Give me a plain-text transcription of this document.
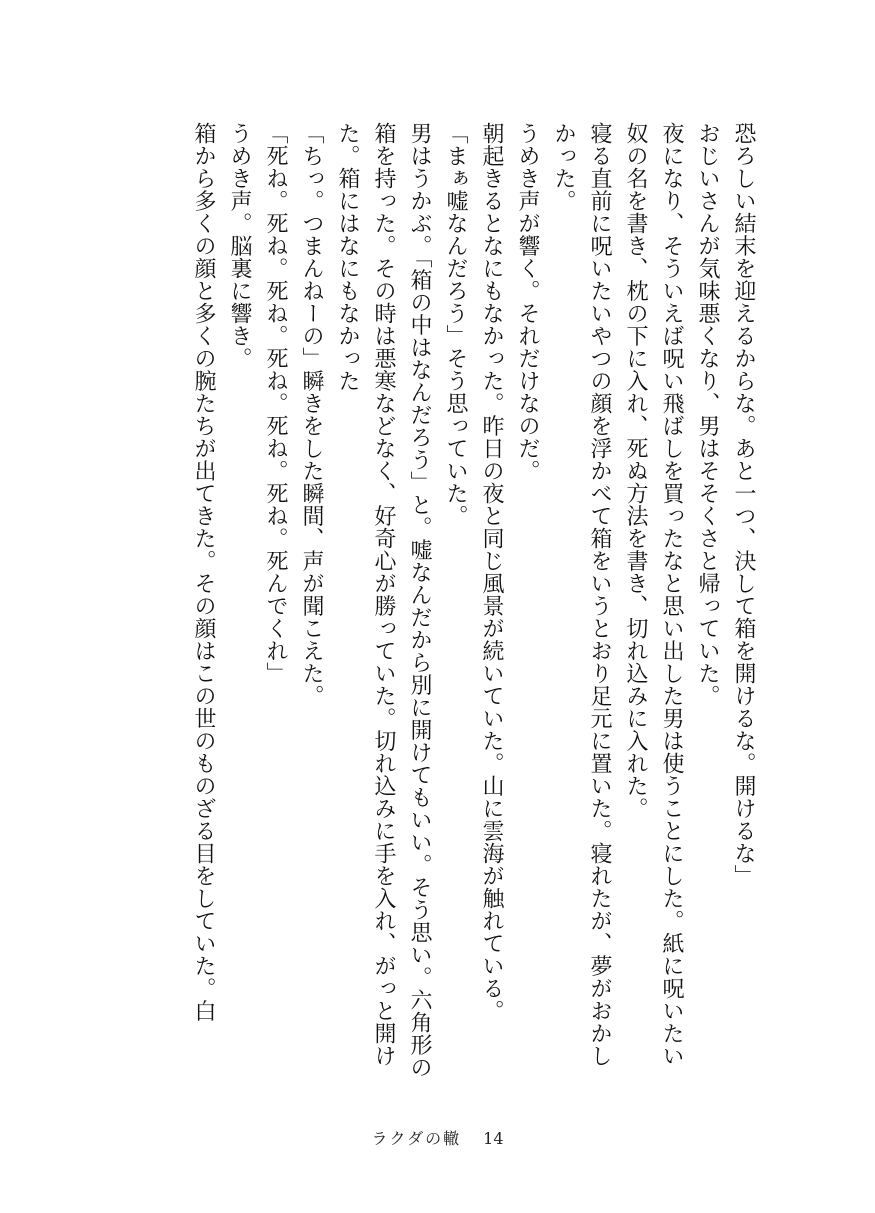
恐ろしい結末を迎えるからな。あと一つ、決して箱を開けるな。開けるな」

おじいさんが気味悪くなり、男はそそくさと帰っていた。

夜になり、そういえば呪い飛ばしを買ったなと思い出した男は使うことにした。紙に呪いたい奴の名を書き、枕の下に入れ、死ぬ方法を書き、切れ込みに入れた。

寝る直前に呪いたいやつの顔を浮かべて箱をいうとおり足元に置いた。寝れたが、夢がおかしかった。

うめき声が響く。それだけなのだ。

朝起きるとなにもなかった。昨日の夜と同じ風景が続いていた。山に雲海が触れている。

「まぁ嘘なんだろう」そう思っていた。

男はうかぶ。「箱の中はなんだろう」と。嘘なんだから別に開けてもいい。そう思い。六角形の箱を持った。その時は悪寒などなく、好奇心が勝っていた。切れ込みに手を入れ、がっと開けた。箱にはなにもなかった

「ちっ。つまんねーの」瞬きをした瞬間、声が聞こえた。

「死ね。死ね。死ね。死ね。死ね。死ね。死んでくれ」

うめき声。脳裏に響き。

箱から多くの顔と多くの腕たちが出てきた。その顔はこの世のものざる目をしていた。白

ラクダの轍 14
